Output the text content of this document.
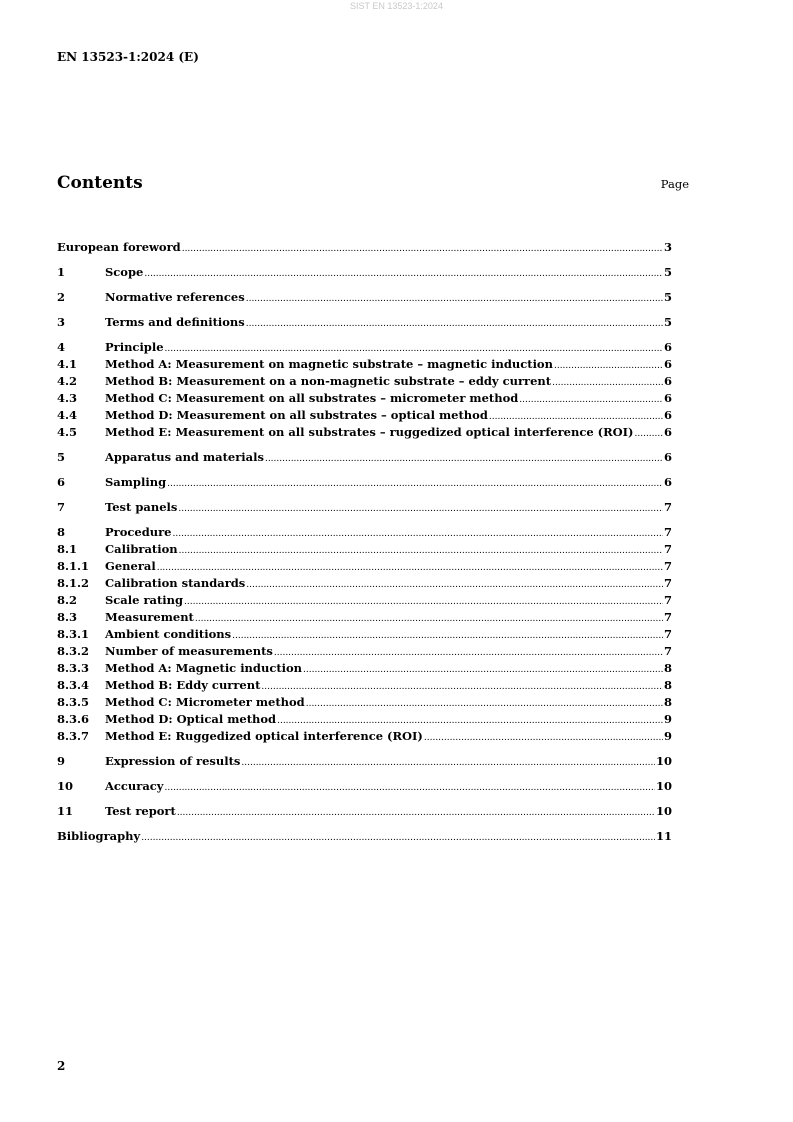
SIST EN 13523-1:2024
EN 13523-1:2024 (E)
Contents	Page
European foreword .....	3
1	Scope .....	5
2	Normative references .....	5
3	Terms and definitions .....	5
4	Principle .....	6
4.1	Method A: Measurement on magnetic substrate – magnetic induction .....	6
4.2	Method B: Measurement on a non-magnetic substrate – eddy current .....	6
4.3	Method C: Measurement on all substrates – micrometer method .....	6
4.4	Method D: Measurement on all substrates – optical method .....	6
4.5	Method E: Measurement on all substrates – ruggedized optical interference (ROI) .....	6
5	Apparatus and materials .....	6
6	Sampling .....	6
7	Test panels .....	7
8	Procedure .....	7
8.1	Calibration .....	7
8.1.1	General .....	7
8.1.2	Calibration standards .....	7
8.2	Scale rating .....	7
8.3	Measurement .....	7
8.3.1	Ambient conditions .....	7
8.3.2	Number of measurements .....	7
8.3.3	Method A: Magnetic induction .....	8
8.3.4	Method B: Eddy current .....	8
8.3.5	Method C: Micrometer method .....	8
8.3.6	Method D: Optical method .....	9
8.3.7	Method E: Ruggedized optical interference (ROI) .....	9
9	Expression of results .....	10
10	Accuracy .....	10
11	Test report .....	10
Bibliography .....	11
2
